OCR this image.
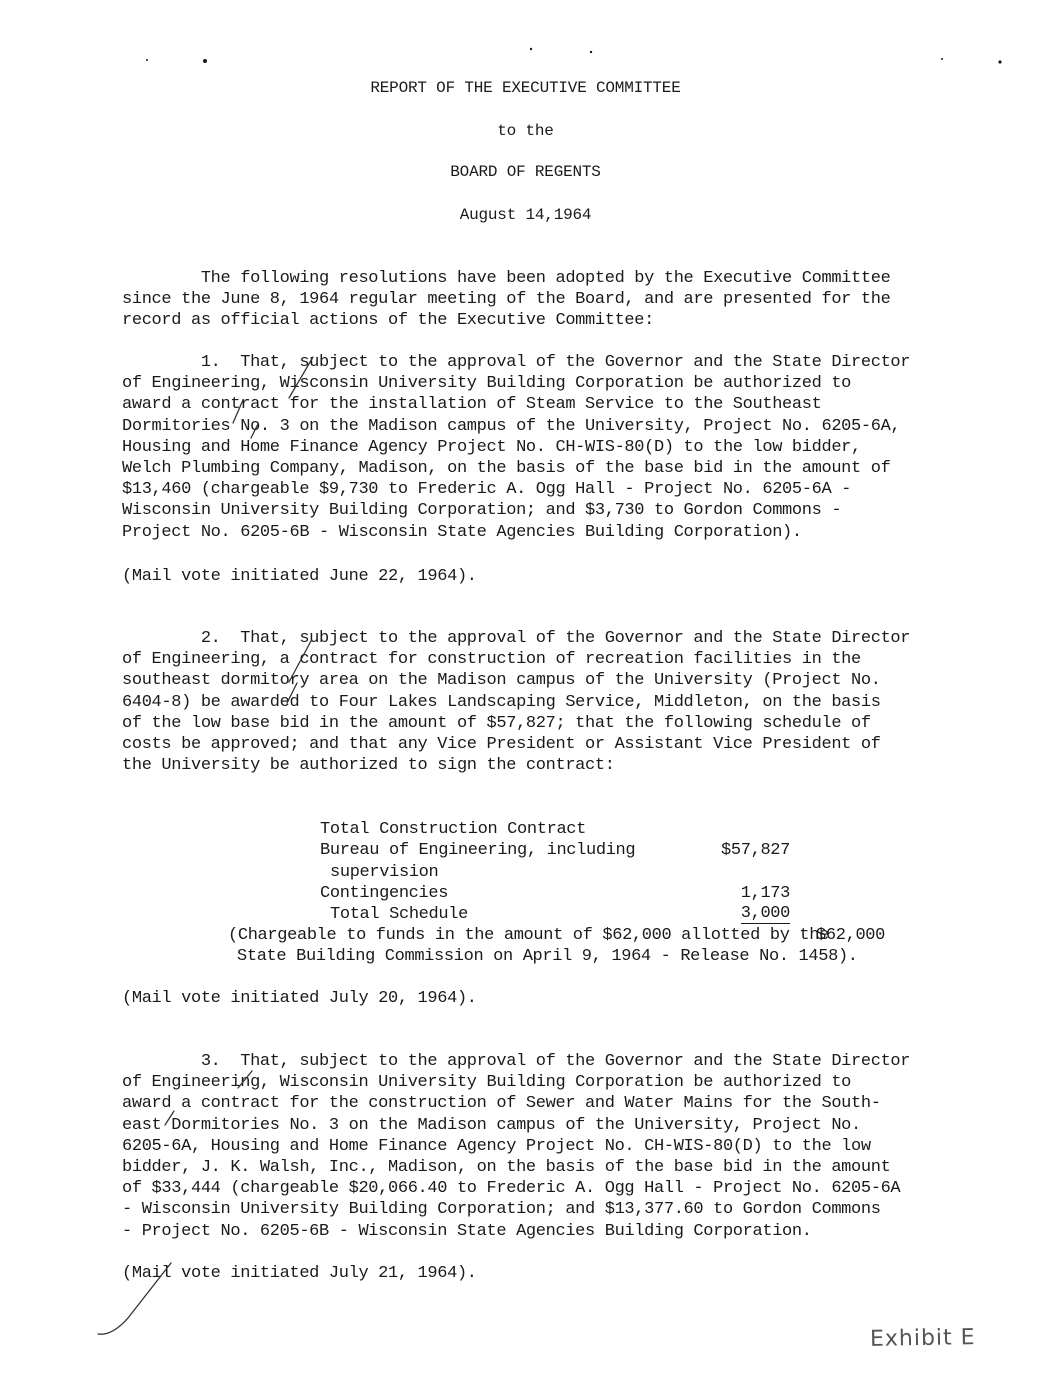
REPORT OF THE EXECUTIVE COMMITTEE
to the
BOARD OF REGENTS
August 14,1964
The following resolutions have been adopted by the Executive Committee
since the June 8, 1964 regular meeting of the Board, and are presented for the
record as official actions of the Executive Committee:
1.  That, subject to the approval of the Governor and the State Director
of Engineering, Wisconsin University Building Corporation be authorized to
award a contract for the installation of Steam Service to the Southeast
Dormitories No. 3 on the Madison campus of the University, Project No. 6205-6A,
Housing and Home Finance Agency Project No. CH-WIS-80(D) to the low bidder,
Welch Plumbing Company, Madison, on the basis of the base bid in the amount of
$13,460 (chargeable $9,730 to Frederic A. Ogg Hall - Project No. 6205-6A -
Wisconsin University Building Corporation; and $3,730 to Gordon Commons -
Project No. 6205-6B - Wisconsin State Agencies Building Corporation).
(Mail vote initiated June 22, 1964).
2.  That, subject to the approval of the Governor and the State Director
of Engineering, a contract for construction of recreation facilities in the
southeast dormitory area on the Madison campus of the University (Project No.
6404-8) be awarded to Four Lakes Landscaping Service, Middleton, on the basis
of the low base bid in the amount of $57,827; that the following schedule of
costs be approved; and that any Vice President or Assistant Vice President of
the University be authorized to sign the contract:

Total Construction Contract

$57,827

Bureau of Engineering, including

supervision

1,173

Contingencies

3,000

Total Schedule

$62,000

(Chargeable to funds in the amount of $62,000 allotted by the
State Building Commission on April 9, 1964 - Release No. 1458).
(Mail vote initiated July 20, 1964).
3.  That, subject to the approval of the Governor and the State Director
of Engineering, Wisconsin University Building Corporation be authorized to
award a contract for the construction of Sewer and Water Mains for the South-
east Dormitories No. 3 on the Madison campus of the University, Project No.
6205-6A, Housing and Home Finance Agency Project No. CH-WIS-80(D) to the low
bidder, J. K. Walsh, Inc., Madison, on the basis of the base bid in the amount
of $33,444 (chargeable $20,066.40 to Frederic A. Ogg Hall - Project No. 6205-6A
- Wisconsin University Building Corporation; and $13,377.60 to Gordon Commons
- Project No. 6205-6B - Wisconsin State Agencies Building Corporation.
(Mail vote initiated July 21, 1964).
Exhibit E
